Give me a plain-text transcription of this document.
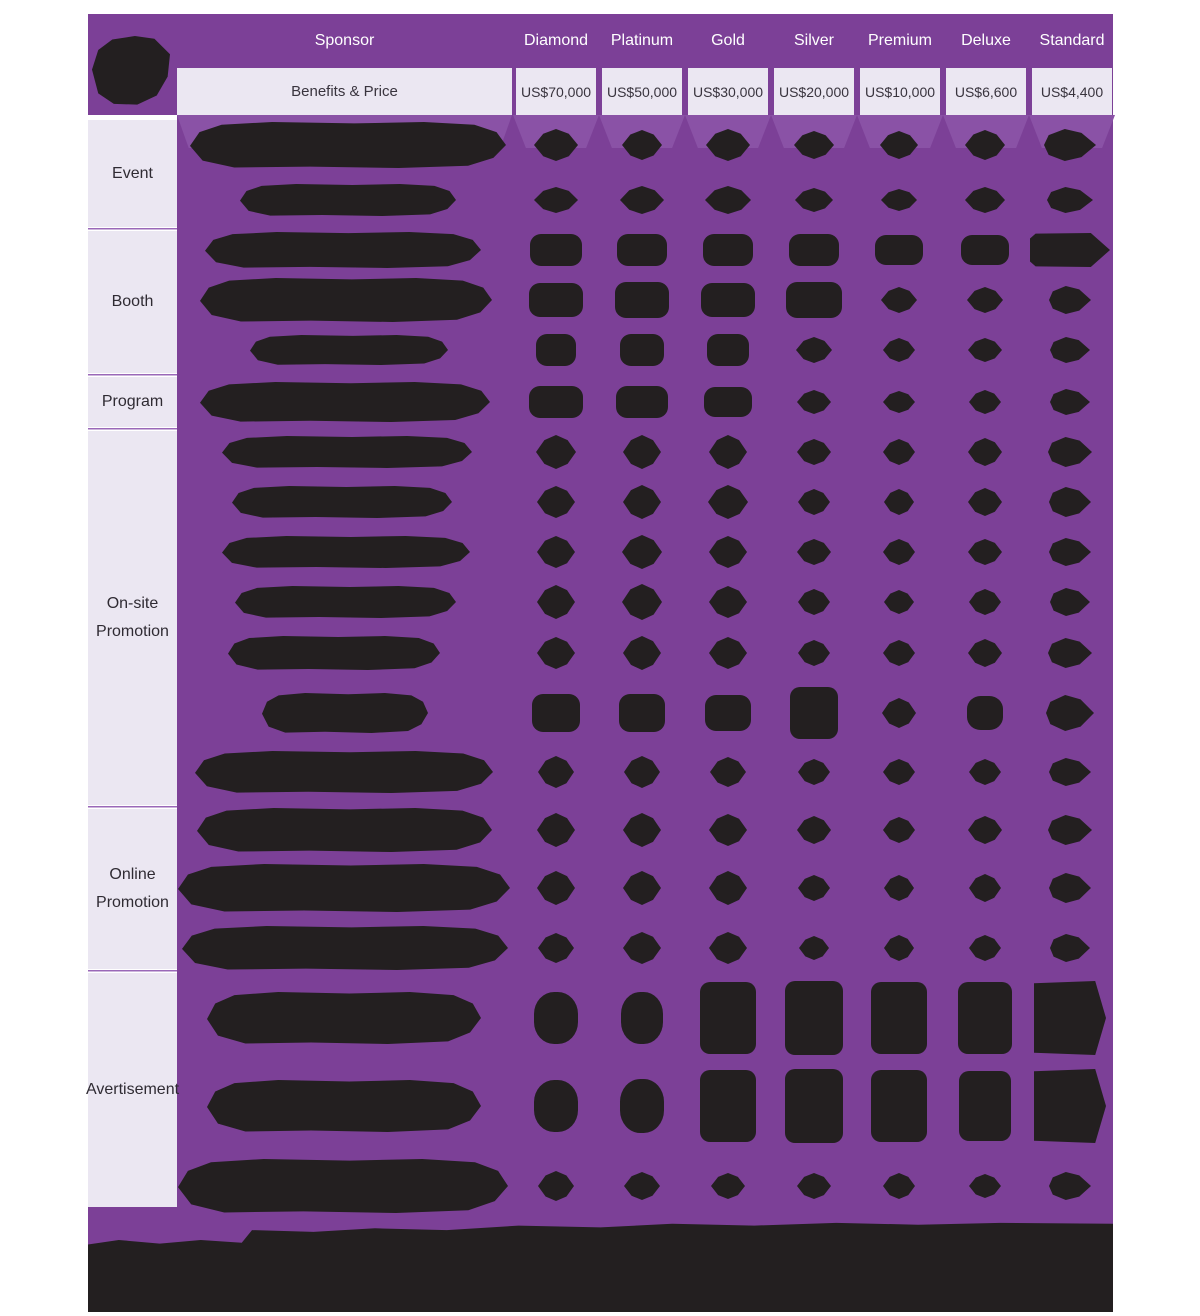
Sponsor
Benefits & Price
Diamond
US$70,000
Platinum
US$50,000
Gold
US$30,000
Silver
US$20,000
Premium
US$10,000
Deluxe
US$6,600
Standard
US$4,400
Event
Booth
Program
On-site Promotion
Online Promotion
Avertisement
